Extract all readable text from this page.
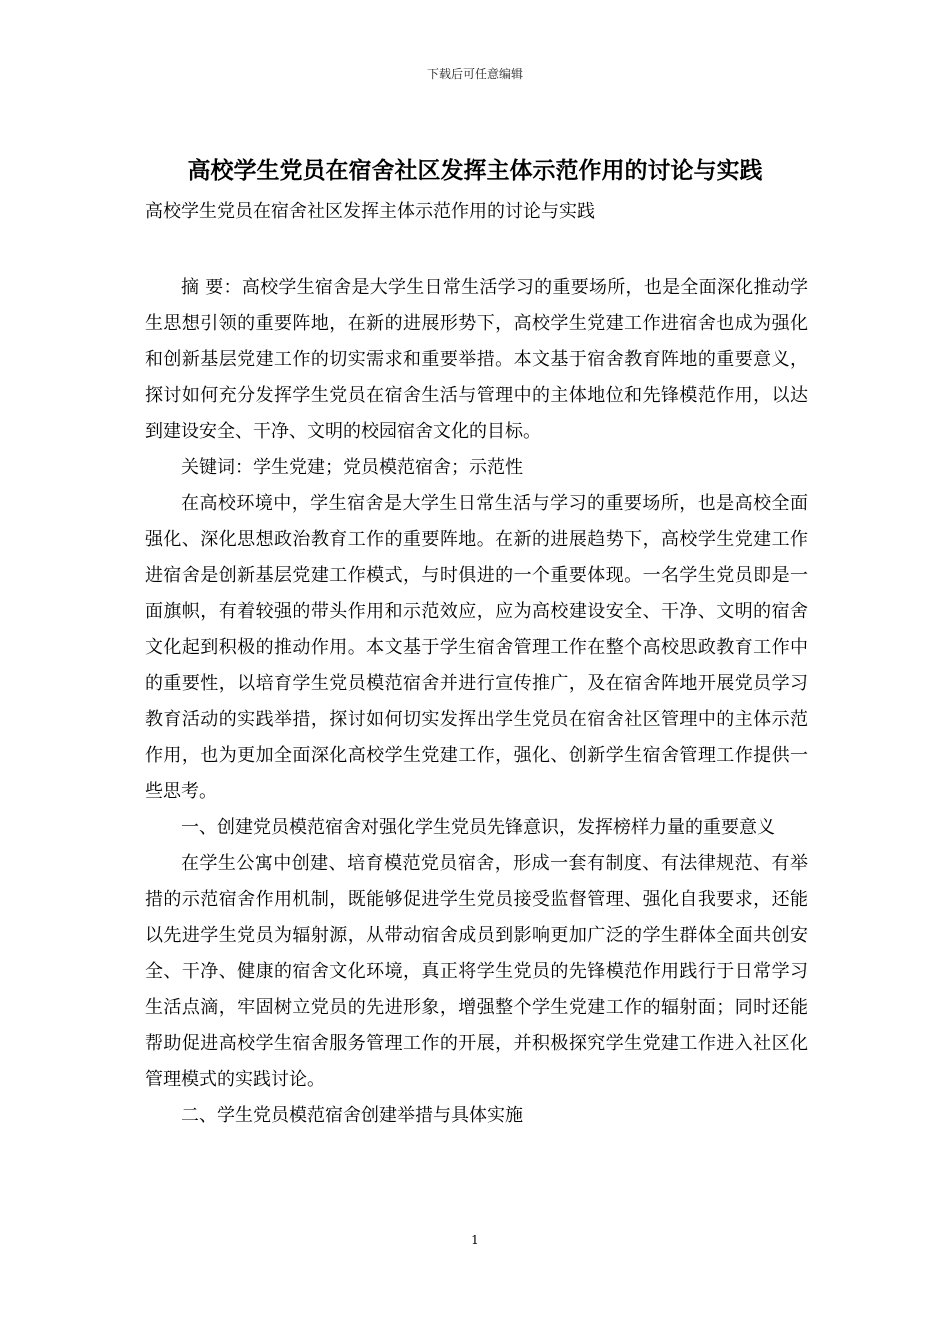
下载后可任意编辑
高校学生党员在宿舍社区发挥主体示范作用的讨论与实践

高校学生党员在宿舍社区发挥主体示范作用的讨论与实践

摘 要：高校学生宿舍是大学生日常生活学习的重要场所，也是全面深化推动学生思想引领的重要阵地，在新的进展形势下，高校学生党建工作进宿舍也成为强化和创新基层党建工作的切实需求和重要举措。本文基于宿舍教育阵地的重要意义，探讨如何充分发挥学生党员在宿舍生活与管理中的主体地位和先锋模范作用，以达到建设安全、干净、文明的校园宿舍文化的目标。

关键词：学生党建；党员模范宿舍；示范性

在高校环境中，学生宿舍是大学生日常生活与学习的重要场所，也是高校全面强化、深化思想政治教育工作的重要阵地。在新的进展趋势下，高校学生党建工作进宿舍是创新基层党建工作模式，与时俱进的一个重要体现。一名学生党员即是一面旗帜，有着较强的带头作用和示范效应，应为高校建设安全、干净、文明的宿舍文化起到积极的推动作用。本文基于学生宿舍管理工作在整个高校思政教育工作中的重要性，以培育学生党员模范宿舍并进行宣传推广，及在宿舍阵地开展党员学习教育活动的实践举措，探讨如何切实发挥出学生党员在宿舍社区管理中的主体示范作用，也为更加全面深化高校学生党建工作，强化、创新学生宿舍管理工作提供一些思考。

一、创建党员模范宿舍对强化学生党员先锋意识，发挥榜样力量的重要意义

在学生公寓中创建、培育模范党员宿舍，形成一套有制度、有法律规范、有举措的示范宿舍作用机制，既能够促进学生党员接受监督管理、强化自我要求，还能以先进学生党员为辐射源，从带动宿舍成员到影响更加广泛的学生群体全面共创安全、干净、健康的宿舍文化环境，真正将学生党员的先锋模范作用践行于日常学习生活点滴，牢固树立党员的先进形象，增强整个学生党建工作的辐射面；同时还能帮助促进高校学生宿舍服务管理工作的开展，并积极探究学生党建工作进入社区化管理模式的实践讨论。

二、学生党员模范宿舍创建举措与具体实施

1
